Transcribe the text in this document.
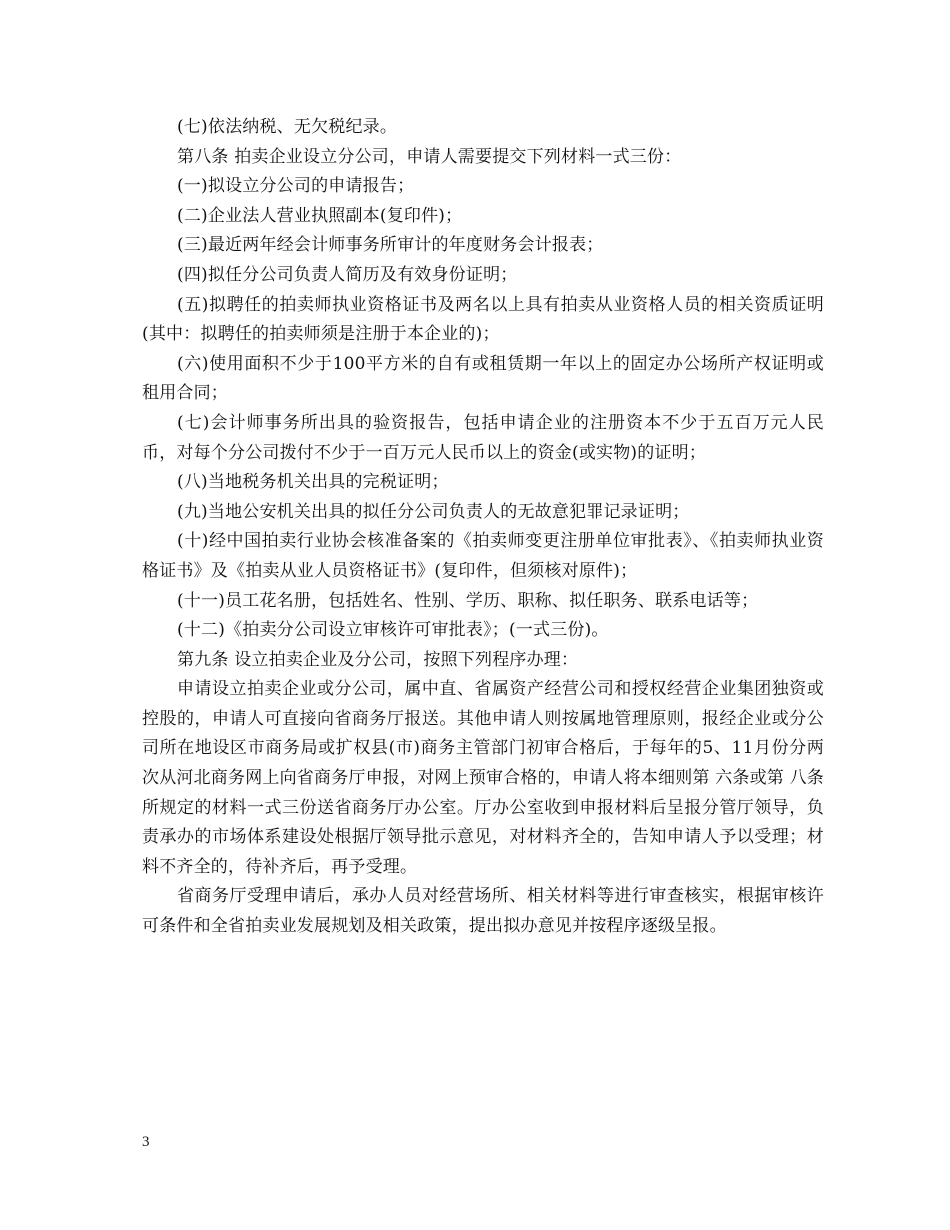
(七)依法纳税、无欠税纪录。

第八条 拍卖企业设立分公司，申请人需要提交下列材料一式三份：

(一)拟设立分公司的申请报告；

(二)企业法人营业执照副本(复印件)；

(三)最近两年经会计师事务所审计的年度财务会计报表；

(四)拟任分公司负责人简历及有效身份证明；

(五)拟聘任的拍卖师执业资格证书及两名以上具有拍卖从业资格人员的相关资质证明(其中：拟聘任的拍卖师须是注册于本企业的)；

(六)使用面积不少于100平方米的自有或租赁期一年以上的固定办公场所产权证明或租用合同；

(七)会计师事务所出具的验资报告，包括申请企业的注册资本不少于五百万元人民币，对每个分公司拨付不少于一百万元人民币以上的资金(或实物)的证明；

(八)当地税务机关出具的完税证明；

(九)当地公安机关出具的拟任分公司负责人的无故意犯罪记录证明；

(十)经中国拍卖行业协会核准备案的《拍卖师变更注册单位审批表》、《拍卖师执业资格证书》及《拍卖从业人员资格证书》(复印件，但须核对原件)；

(十一)员工花名册，包括姓名、性别、学历、职称、拟任职务、联系电话等；

(十二)《拍卖分公司设立审核许可审批表》；(一式三份)。

第九条 设立拍卖企业及分公司，按照下列程序办理：

申请设立拍卖企业或分公司，属中直、省属资产经营公司和授权经营企业集团独资或控股的，申请人可直接向省商务厅报送。其他申请人则按属地管理原则，报经企业或分公司所在地设区市商务局或扩权县(市)商务主管部门初审合格后，于每年的5、11月份分两次从河北商务网上向省商务厅申报，对网上预审合格的，申请人将本细则第 六条或第 八条所规定的材料一式三份送省商务厅办公室。厅办公室收到申报材料后呈报分管厅领导，负责承办的市场体系建设处根据厅领导批示意见，对材料齐全的，告知申请人予以受理；材料不齐全的，待补齐后，再予受理。

省商务厅受理申请后，承办人员对经营场所、相关材料等进行审查核实，根据审核许可条件和全省拍卖业发展规划及相关政策，提出拟办意见并按程序逐级呈报。

3
